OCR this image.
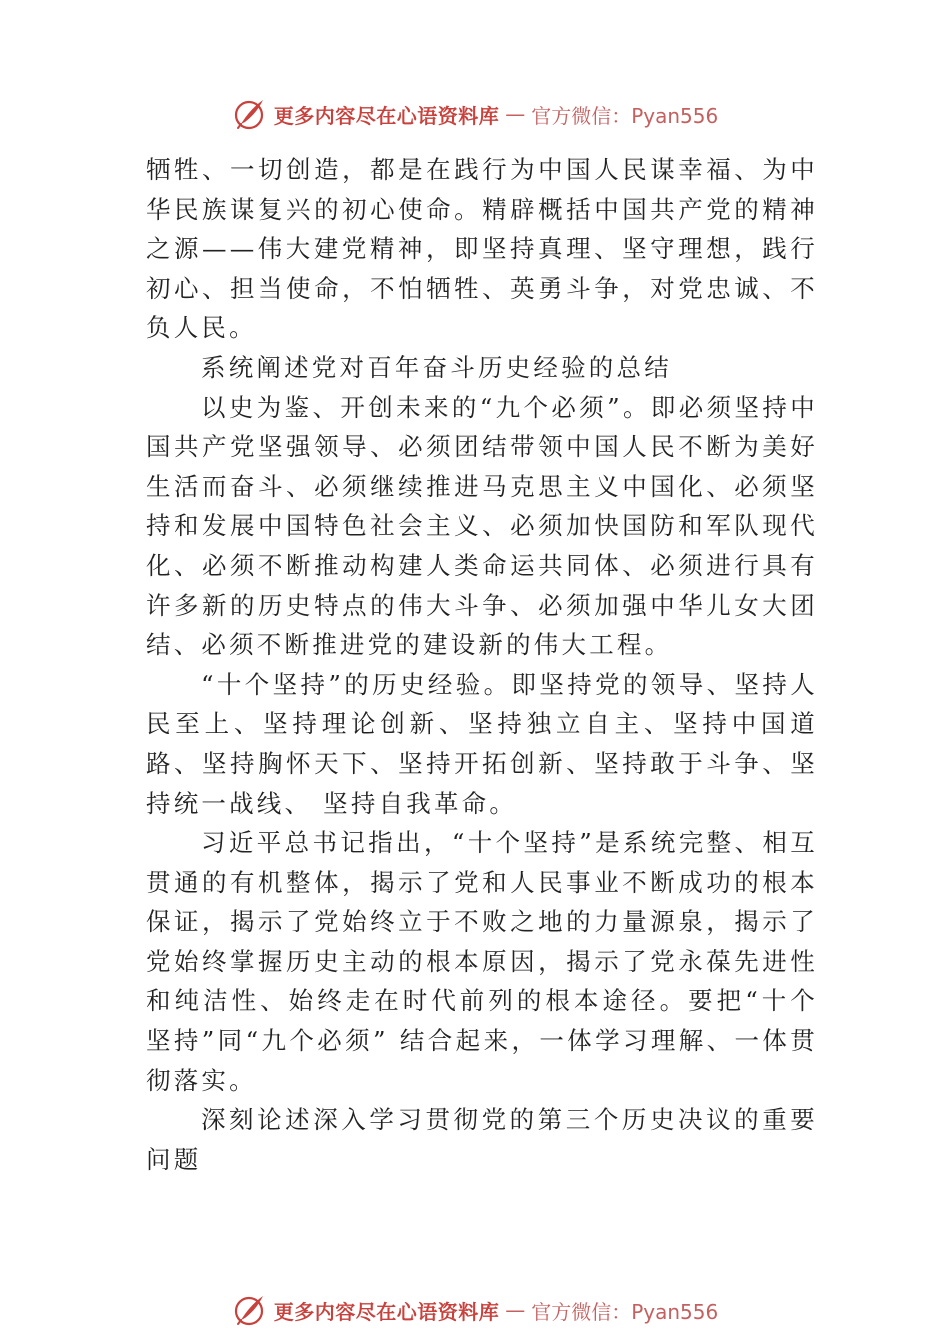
更多内容尽在心语资料库 — 官方微信：Pyan556

牺牲、一切创造，都是在践行为中国人民谋幸福、为中华民族谋复兴的初心使命。精辟概括中国共产党的精神之源——伟大建党精神，即坚持真理、坚守理想，践行初心、担当使命，不怕牺牲、英勇斗争，对党忠诚、不负人民。

系统阐述党对百年奋斗历史经验的总结

以史为鉴、开创未来的“九个必须”。即必须坚持中国共产党坚强领导、必须团结带领中国人民不断为美好生活而奋斗、必须继续推进马克思主义中国化、必须坚持和发展中国特色社会主义、必须加快国防和军队现代化、必须不断推动构建人类命运共同体、必须进行具有许多新的历史特点的伟大斗争、必须加强中华儿女大团结、必须不断推进党的建设新的伟大工程。

“十个坚持”的历史经验。即坚持党的领导、坚持人民至上、坚持理论创新、坚持独立自主、坚持中国道路、坚持胸怀天下、坚持开拓创新、坚持敢于斗争、坚持统一战线、 坚持自我革命。

习近平总书记指出，“十个坚持”是系统完整、相互贯通的有机整体，揭示了党和人民事业不断成功的根本保证，揭示了党始终立于不败之地的力量源泉，揭示了党始终掌握历史主动的根本原因，揭示了党永葆先进性和纯洁性、始终走在时代前列的根本途径。要把“十个坚持”同“九个必须” 结合起来，一体学习理解、一体贯彻落实。

深刻论述深入学习贯彻党的第三个历史决议的重要问题

更多内容尽在心语资料库 — 官方微信：Pyan556
